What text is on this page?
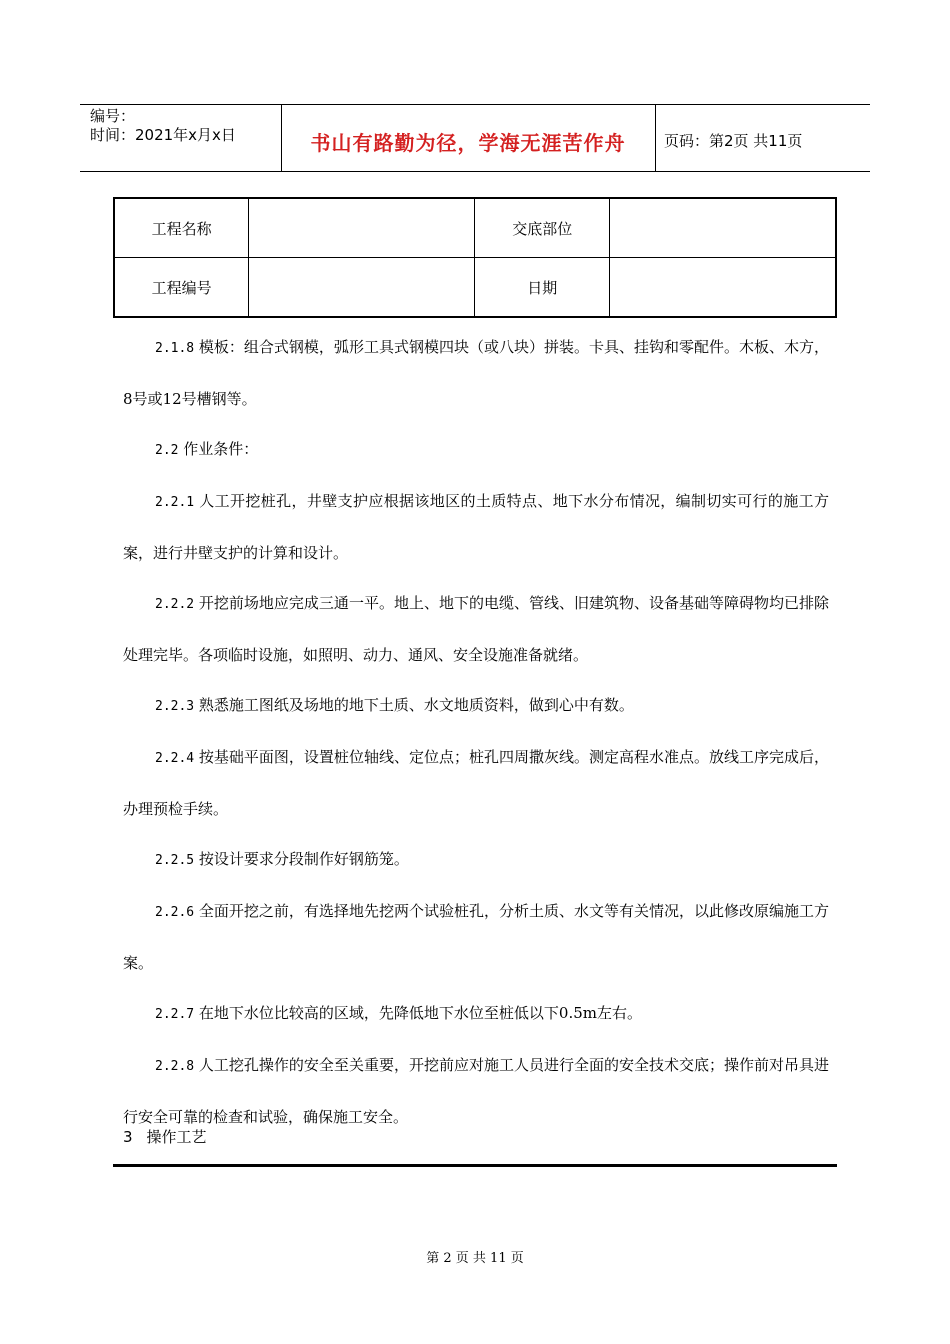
编号：
时间：2021年x月x日	书山有路勤为径，学海无涯苦作舟	页码：第2页 共11页
工程名称		交底部位	
工程编号		日期	

2.1.8 模板：组合式钢模，弧形工具式钢模四块（或八块）拼装。卡具、挂钩和零配件。木板、木方，8号或12号槽钢等。

2.2 作业条件：

2.2.1 人工开挖桩孔，井壁支护应根据该地区的土质特点、地下水分布情况，编制切实可行的施工方案，进行井壁支护的计算和设计。

2.2.2 开挖前场地应完成三通一平。地上、地下的电缆、管线、旧建筑物、设备基础等障碍物均已排除处理完毕。各项临时设施，如照明、动力、通风、安全设施准备就绪。

2.2.3 熟悉施工图纸及场地的地下土质、水文地质资料，做到心中有数。

2.2.4 按基础平面图，设置桩位轴线、定位点；桩孔四周撒灰线。测定高程水准点。放线工序完成后，办理预检手续。

2.2.5 按设计要求分段制作好钢筋笼。

2.2.6 全面开挖之前，有选择地先挖两个试验桩孔，分析土质、水文等有关情况，以此修改原编施工方案。

2.2.7 在地下水位比较高的区域，先降低地下水位至桩低以下0.5m左右。

2.2.8 人工挖孔操作的安全至关重要，开挖前应对施工人员进行全面的安全技术交底；操作前对吊具进行安全可靠的检查和试验，确保施工安全。

3 操作工艺
第 2 页 共 11 页
